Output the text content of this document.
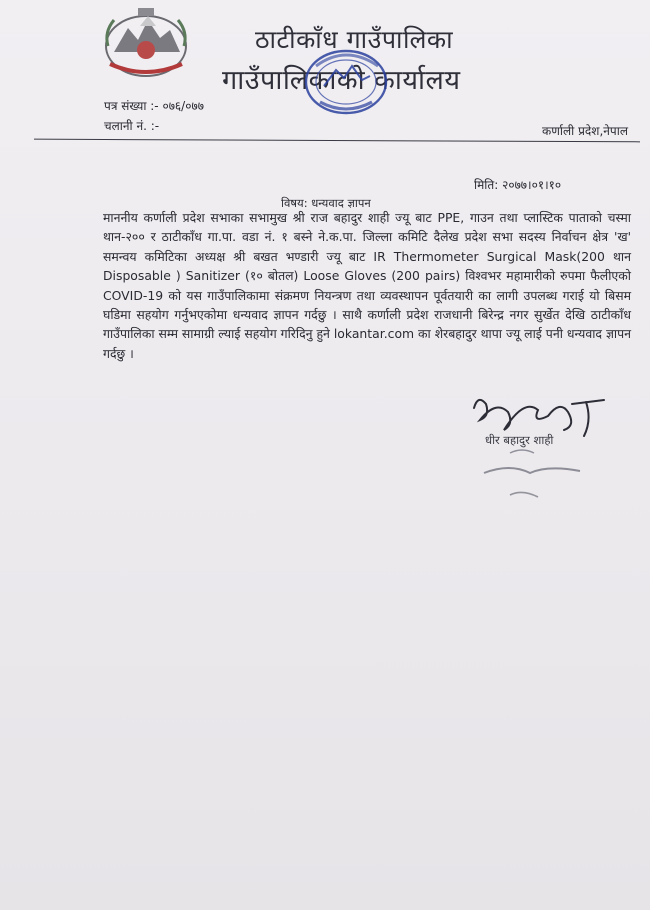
ठाटीकाँध गाउँपालिका
गाउँपालिकाको कार्यालय
पत्र संख्या :- ०७६/०७७
चलानी नं. :-	कर्णाली प्रदेश,नेपाल
मिति: २०७७।०१।१०
विषय: धन्यवाद ज्ञापन
माननीय कर्णाली प्रदेश सभाका सभामुख श्री राज बहादुर शाही ज्यू बाट PPE, गाउन तथा प्लास्टिक पाताको चस्मा थान-२०० र ठाटीकाँध गा.पा. वडा नं. १ बस्ने ने.क.पा. जिल्ला कमिटि दैलेख प्रदेश सभा सदस्य निर्वाचन क्षेत्र 'ख' समन्वय कमिटिका अध्यक्ष श्री बखत भण्डारी ज्यू बाट IR Thermometer Surgical Mask(200 थान Disposable ) Sanitizer (१० बोतल) Loose Gloves (200 pairs) विश्वभर महामारीको रुपमा फैलीएको COVID-19 को यस गाउँपालिकामा संक्रमण नियन्त्रण तथा व्यवस्थापन पूर्वतयारी का लागी उपलब्ध गराई यो बिसम घडिमा सहयोग गर्नुभएकोमा धन्यवाद ज्ञापन गर्दछु । साथै कर्णाली प्रदेश राजधानी बिरेन्द्र नगर सुर्खेत देखि ठाटीकाँध गाउँपालिका सम्म सामाग्री ल्याई सहयोग गरिदिनु हुने lokantar.com का शेरबहादुर थापा ज्यू लाई पनी धन्यवाद ज्ञापन गर्दछु ।
धीर बहादुर शाही
